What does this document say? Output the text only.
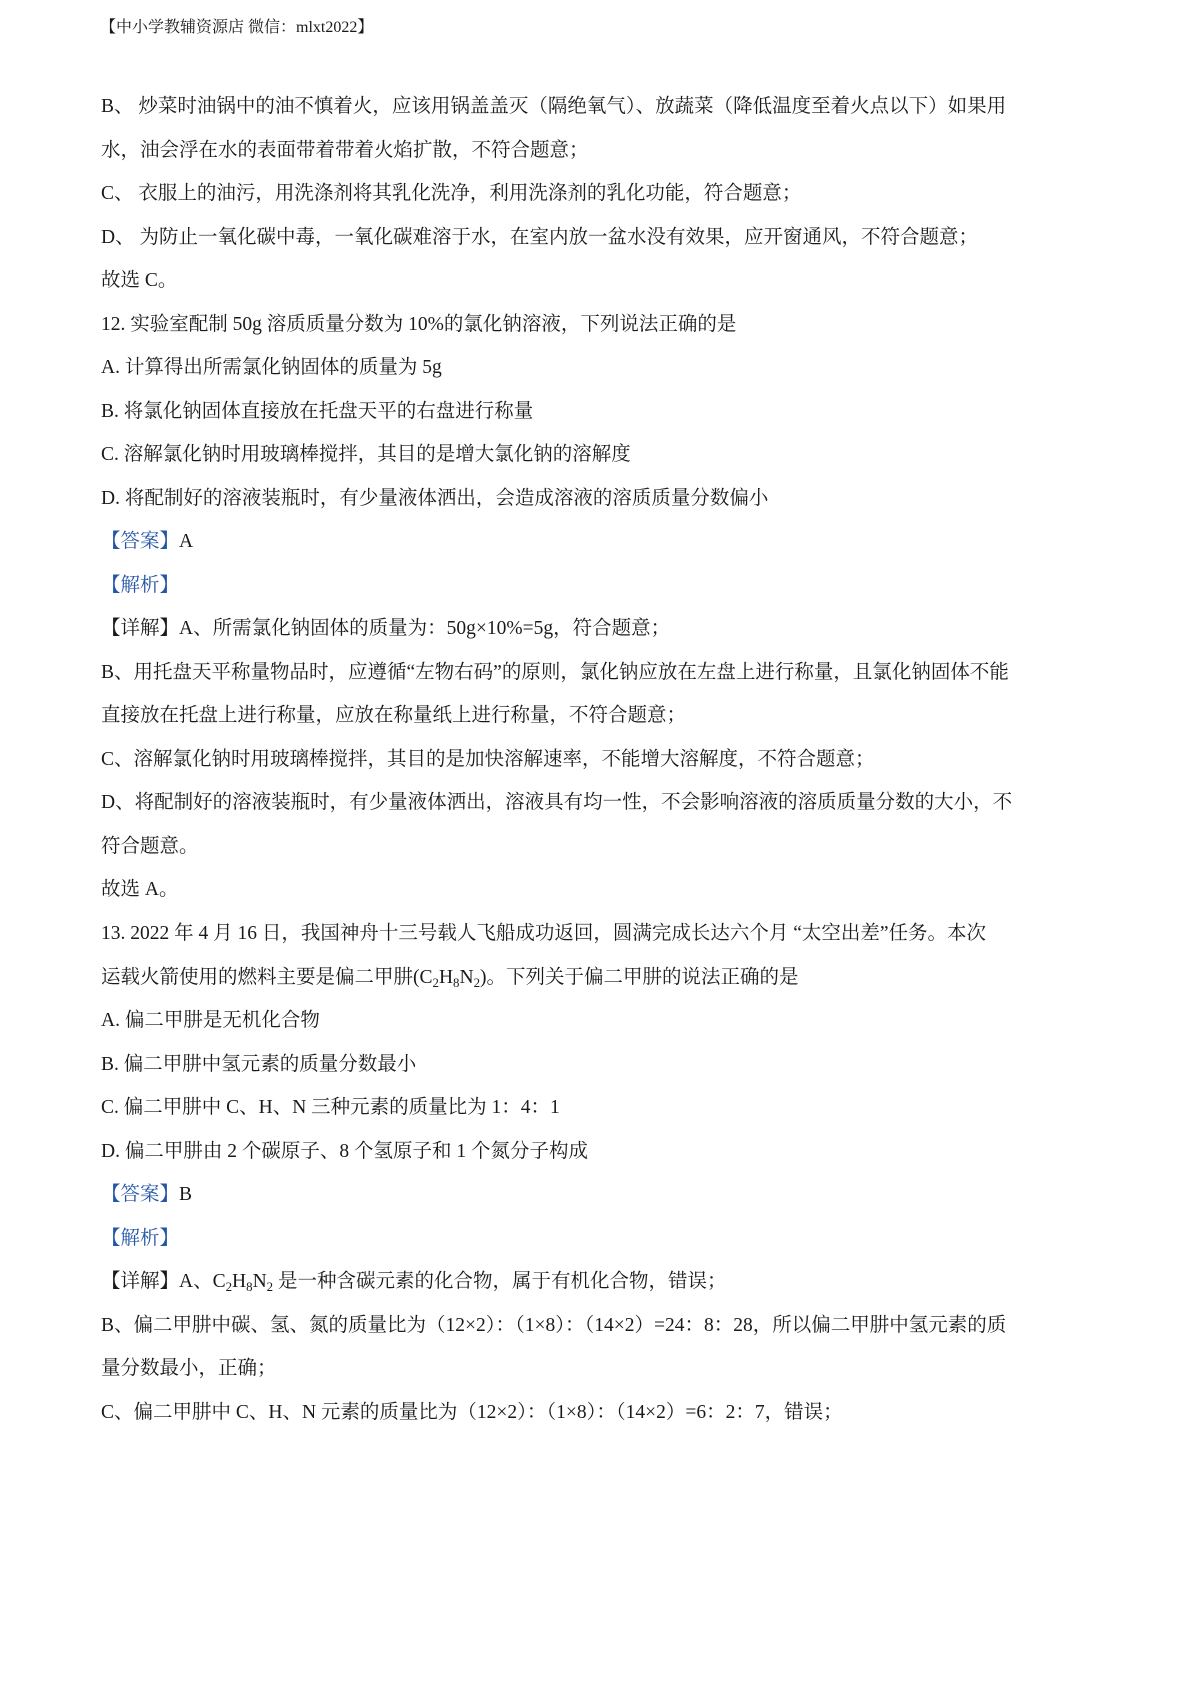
【中小学教辅资源店 微信：mlxt2022】
B、 炒菜时油锅中的油不慎着火，应该用锅盖盖灭（隔绝氧气）、放蔬菜（降低温度至着火点以下）如果用
水，油会浮在水的表面带着带着火焰扩散，不符合题意；
C、 衣服上的油污，用洗涤剂将其乳化洗净，利用洗涤剂的乳化功能，符合题意；
D、 为防止一氧化碳中毒，一氧化碳难溶于水，在室内放一盆水没有效果，应开窗通风，不符合题意；
故选 C。
12. 实验室配制 50g 溶质质量分数为 10%的氯化钠溶液，下列说法正确的是
A. 计算得出所需氯化钠固体的质量为 5g
B. 将氯化钠固体直接放在托盘天平的右盘进行称量
C. 溶解氯化钠时用玻璃棒搅拌，其目的是增大氯化钠的溶解度
D. 将配制好的溶液装瓶时，有少量液体洒出，会造成溶液的溶质质量分数偏小
【答案】A
【解析】
【详解】A、所需氯化钠固体的质量为：50g×10%=5g，符合题意；
B、用托盘天平称量物品时，应遵循“左物右码”的原则，氯化钠应放在左盘上进行称量，且氯化钠固体不能
直接放在托盘上进行称量，应放在称量纸上进行称量，不符合题意；
C、溶解氯化钠时用玻璃棒搅拌，其目的是加快溶解速率，不能增大溶解度，不符合题意；
D、将配制好的溶液装瓶时，有少量液体洒出，溶液具有均一性，不会影响溶液的溶质质量分数的大小，不
符合题意。
故选 A。
13. 2022 年 4 月 16 日，我国神舟十三号载人飞船成功返回，圆满完成长达六个月 “太空出差”任务。本次
运载火箭使用的燃料主要是偏二甲肼$(C_2H_8N_2)$。下列关于偏二甲肼的说法正确的是
A. 偏二甲肼是无机化合物
B. 偏二甲肼中氢元素的质量分数最小
C. 偏二甲肼中 C、H、N 三种元素的质量比为 1：4：1
D. 偏二甲肼由 2 个碳原子、8 个氢原子和 1 个氮分子构成
【答案】B
【解析】
【详解】A、$C_2H_8N_2$ 是一种含碳元素的化合物，属于有机化合物，错误；
B、偏二甲肼中碳、氢、氮的质量比为（12×2）：（1×8）：（14×2）=24：8：28，所以偏二甲肼中氢元素的质
量分数最小，正确；
C、偏二甲肼中 C、H、N 元素的质量比为（12×2）：（1×8）：（14×2）=6：2：7，错误；
